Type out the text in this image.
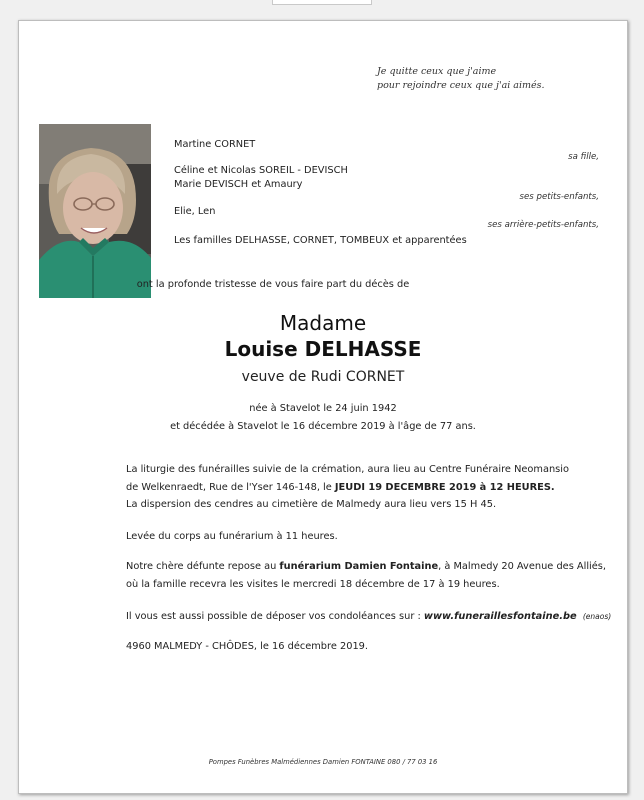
Je quitte ceux que j'aime
pour rejoindre ceux que j'ai aimés.
Martine CORNET
sa fille,
Céline et Nicolas SOREIL - DEVISCH
Marie DEVISCH et Amaury
ses petits-enfants,
Elie, Len
ses arrière-petits-enfants,
Les familles DELHASSE, CORNET, TOMBEUX et apparentées
ont la profonde tristesse de vous faire part du décès de
Madame
Louise DELHASSE
veuve de Rudi CORNET
née à Stavelot le 24 juin 1942
et décédée à Stavelot le 16 décembre 2019 à l'âge de 77 ans.
La liturgie des funérailles suivie de la crémation, aura lieu au Centre Funéraire Neomansio
de Welkenraedt, Rue de l'Yser 146-148, le JEUDI 19 DECEMBRE 2019 à 12 HEURES.
La dispersion des cendres au cimetière de Malmedy aura lieu vers 15 H 45.
Levée du corps au funérarium à 11 heures.
Notre chère défunte repose au funérarium Damien Fontaine, à Malmedy 20 Avenue des Alliés,
où la famille recevra les visites le mercredi 18 décembre de 17 à 19 heures.
Il vous est aussi possible de déposer vos condoléances sur : www.funeraillesfontaine.be (enaos)
4960 MALMEDY - CHÔDES, le 16 décembre 2019.
Pompes Funèbres Malmédiennes Damien FONTAINE 080 / 77 03 16
